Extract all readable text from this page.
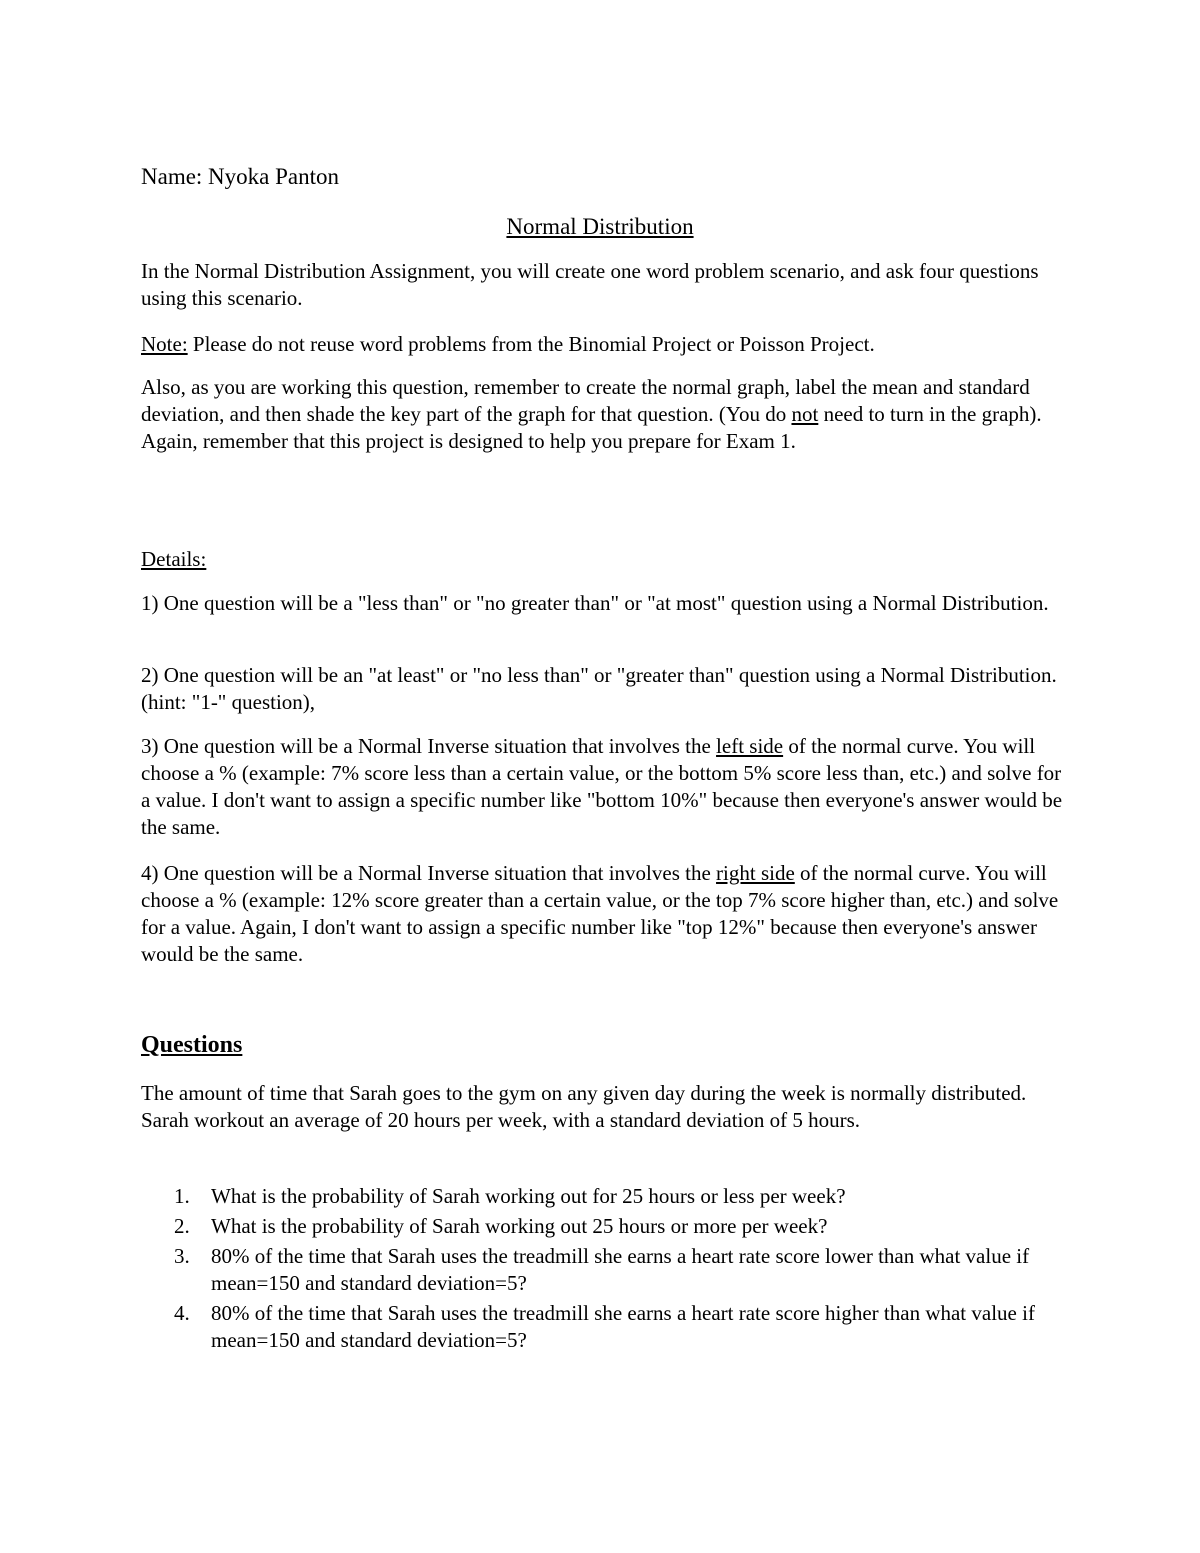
Name: Nyoka Panton

Normal Distribution

In the Normal Distribution Assignment, you will create one word problem scenario, and ask four questions using this scenario.

Note: Please do not reuse word problems from the Binomial Project or Poisson Project.

Also, as you are working this question, remember to create the normal graph, label the mean and standard deviation, and then shade the key part of the graph for that question. (You do not need to turn in the graph). Again, remember that this project is designed to help you prepare for Exam 1.

Details:

1) One question will be a "less than" or "no greater than" or "at most" question using a Normal Distribution.

2) One question will be an "at least" or "no less than" or "greater than" question using a Normal Distribution. (hint: "1-" question),

3) One question will be a Normal Inverse situation that involves the left side of the normal curve. You will choose a % (example: 7% score less than a certain value, or the bottom 5% score less than, etc.) and solve for a value. I don't want to assign a specific number like "bottom 10%" because then everyone's answer would be the same.

4) One question will be a Normal Inverse situation that involves the right side of the normal curve. You will choose a % (example: 12% score greater than a certain value, or the top 7% score higher than, etc.) and solve for a value. Again, I don't want to assign a specific number like "top 12%" because then everyone's answer would be the same.

Questions

The amount of time that Sarah goes to the gym on any given day during the week is normally distributed. Sarah workout an average of 20 hours per week, with a standard deviation of 5 hours.

1. What is the probability of Sarah working out for 25 hours or less per week?
2. What is the probability of Sarah working out 25 hours or more per week?
3. 80% of the time that Sarah uses the treadmill she earns a heart rate score lower than what value if mean=150 and standard deviation=5?
4. 80% of the time that Sarah uses the treadmill she earns a heart rate score higher than what value if mean=150 and standard deviation=5?
